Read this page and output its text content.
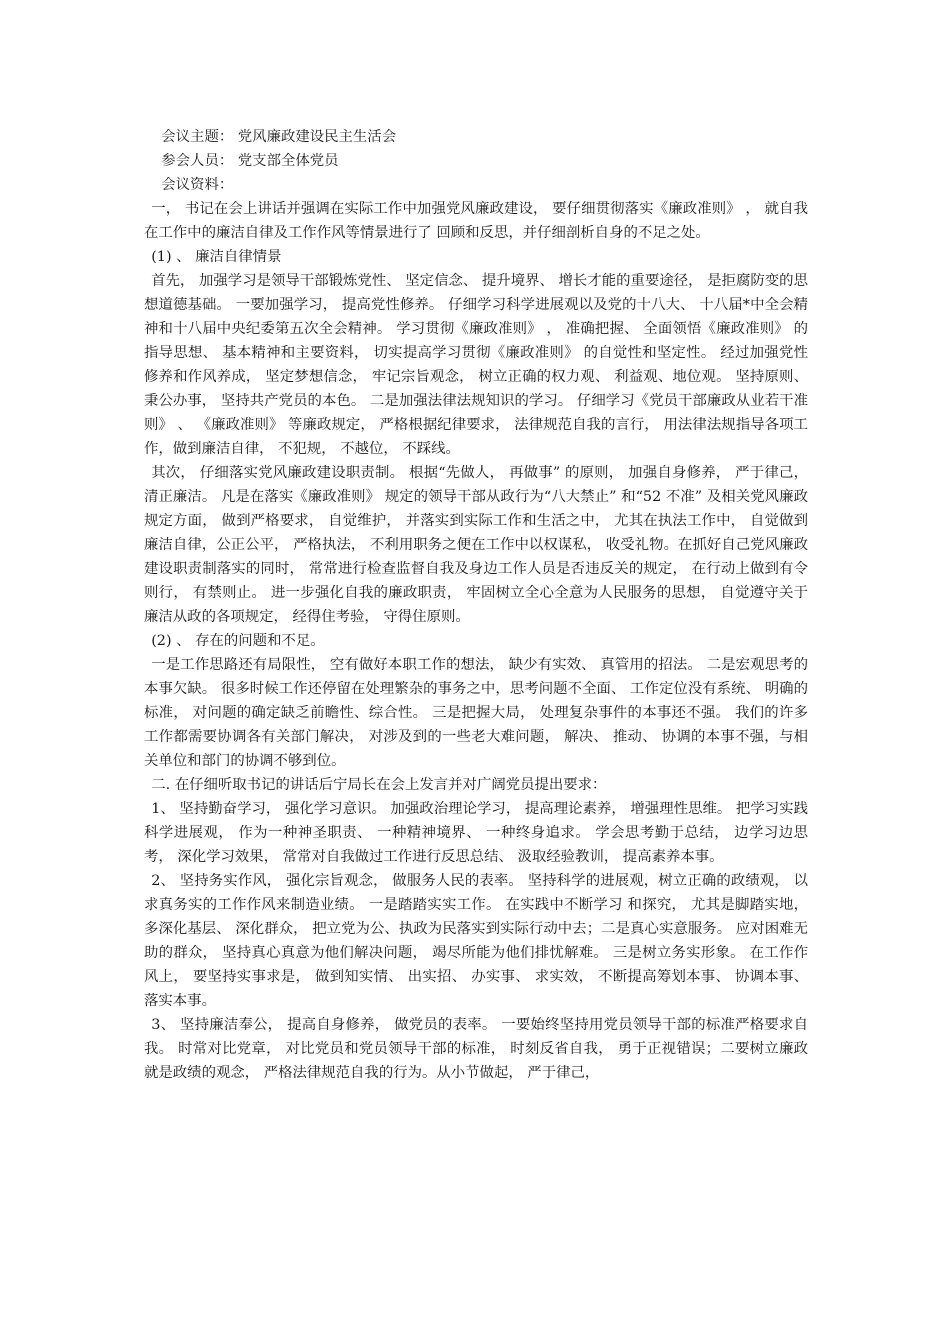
会议主题： 党风廉政建设民主生活会

参会人员： 党支部全体党员

会议资料：

一， 书记在会上讲话并强调在实际工作中加强党风廉政建设， 要仔细贯彻落实《廉政准则》 ， 就自我在工作中的廉洁自律及工作作风等情景进行了 回顾和反思，并仔细剖析自身的不足之处。

(1) 、 廉洁自律情景

首先， 加强学习是领导干部锻炼党性、 坚定信念、 提升境界、 增长才能的重要途径， 是拒腐防变的思想道德基础。 一要加强学习， 提高党性修养。 仔细学习科学进展观以及党的十八大、 十八届*中全会精神和十八届中央纪委第五次全会精神。 学习贯彻《廉政准则》 ， 准确把握、 全面领悟《廉政准则》 的指导思想、 基本精神和主要资料， 切实提高学习贯彻《廉政准则》 的自觉性和坚定性。 经过加强党性修养和作风养成， 坚定梦想信念， 牢记宗旨观念， 树立正确的权力观、 利益观、地位观。 坚持原则、 秉公办事， 坚持共产党员的本色。 二是加强法律法规知识的学习。 仔细学习《党员干部廉政从业若干准则》 、 《廉政准则》 等廉政规定， 严格根据纪律要求， 法律规范自我的言行， 用法律法规指导各项工作，做到廉洁自律， 不犯规， 不越位， 不踩线。

其次， 仔细落实党风廉政建设职责制。 根据“先做人， 再做事” 的原则， 加强自身修养， 严于律己， 清正廉洁。 凡是在落实《廉政准则》 规定的领导干部从政行为“八大禁止” 和“52 不准” 及相关党风廉政规定方面， 做到严格要求， 自觉维护， 并落实到实际工作和生活之中， 尤其在执法工作中， 自觉做到廉洁自律，公正公平， 严格执法， 不利用职务之便在工作中以权谋私， 收受礼物。在抓好自己党风廉政建设职责制落实的同时， 常常进行检查监督自我及身边工作人员是否违反关的规定， 在行动上做到有令则行， 有禁则止。 进一步强化自我的廉政职责， 牢固树立全心全意为人民服务的思想， 自觉遵守关于廉洁从政的各项规定， 经得住考验， 守得住原则。

(2) 、 存在的问题和不足。

一是工作思路还有局限性， 空有做好本职工作的想法， 缺少有实效、 真管用的招法。 二是宏观思考的本事欠缺。 很多时候工作还停留在处理繁杂的事务之中，思考问题不全面、 工作定位没有系统、 明确的标准， 对问题的确定缺乏前瞻性、综合性。 三是把握大局， 处理复杂事件的本事还不强。 我们的许多工作都需要协调各有关部门解决， 对涉及到的一些老大难问题， 解决、 推动、 协调的本事不强，与相关单位和部门的协调不够到位。

二. 在仔细听取书记的讲话后宁局长在会上发言并对广阔党员提出要求：

1、 坚持勤奋学习， 强化学习意识。 加强政治理论学习， 提高理论素养， 增强理性思维。 把学习实践科学进展观， 作为一种神圣职责、 一种精神境界、 一种终身追求。 学会思考勤于总结， 边学习边思考， 深化学习效果， 常常对自我做过工作进行反思总结、 汲取经验教训， 提高素养本事。

2、 坚持务实作风， 强化宗旨观念， 做服务人民的表率。 坚持科学的进展观，树立正确的政绩观， 以求真务实的工作作风来制造业绩。 一是踏踏实实工作。 在实践中不断学习 和探究， 尤其是脚踏实地， 多深化基层、 深化群众， 把立党为公、执政为民落实到实际行动中去；二是真心实意服务。 应对困难无助的群众， 坚持真心真意为他们解决问题， 竭尽所能为他们排忧解难。 三是树立务实形象。 在工作作风上， 要坚持实事求是， 做到知实情、 出实招、 办实事、 求实效， 不断提高筹划本事、 协调本事、 落实本事。

3、 坚持廉洁奉公， 提高自身修养， 做党员的表率。 一要始终坚持用党员领导干部的标准严格要求自我。 时常对比党章， 对比党员和党员领导干部的标准， 时刻反省自我， 勇于正视错误；二要树立廉政就是政绩的观念， 严格法律规范自我的行为。从小节做起， 严于律己，
